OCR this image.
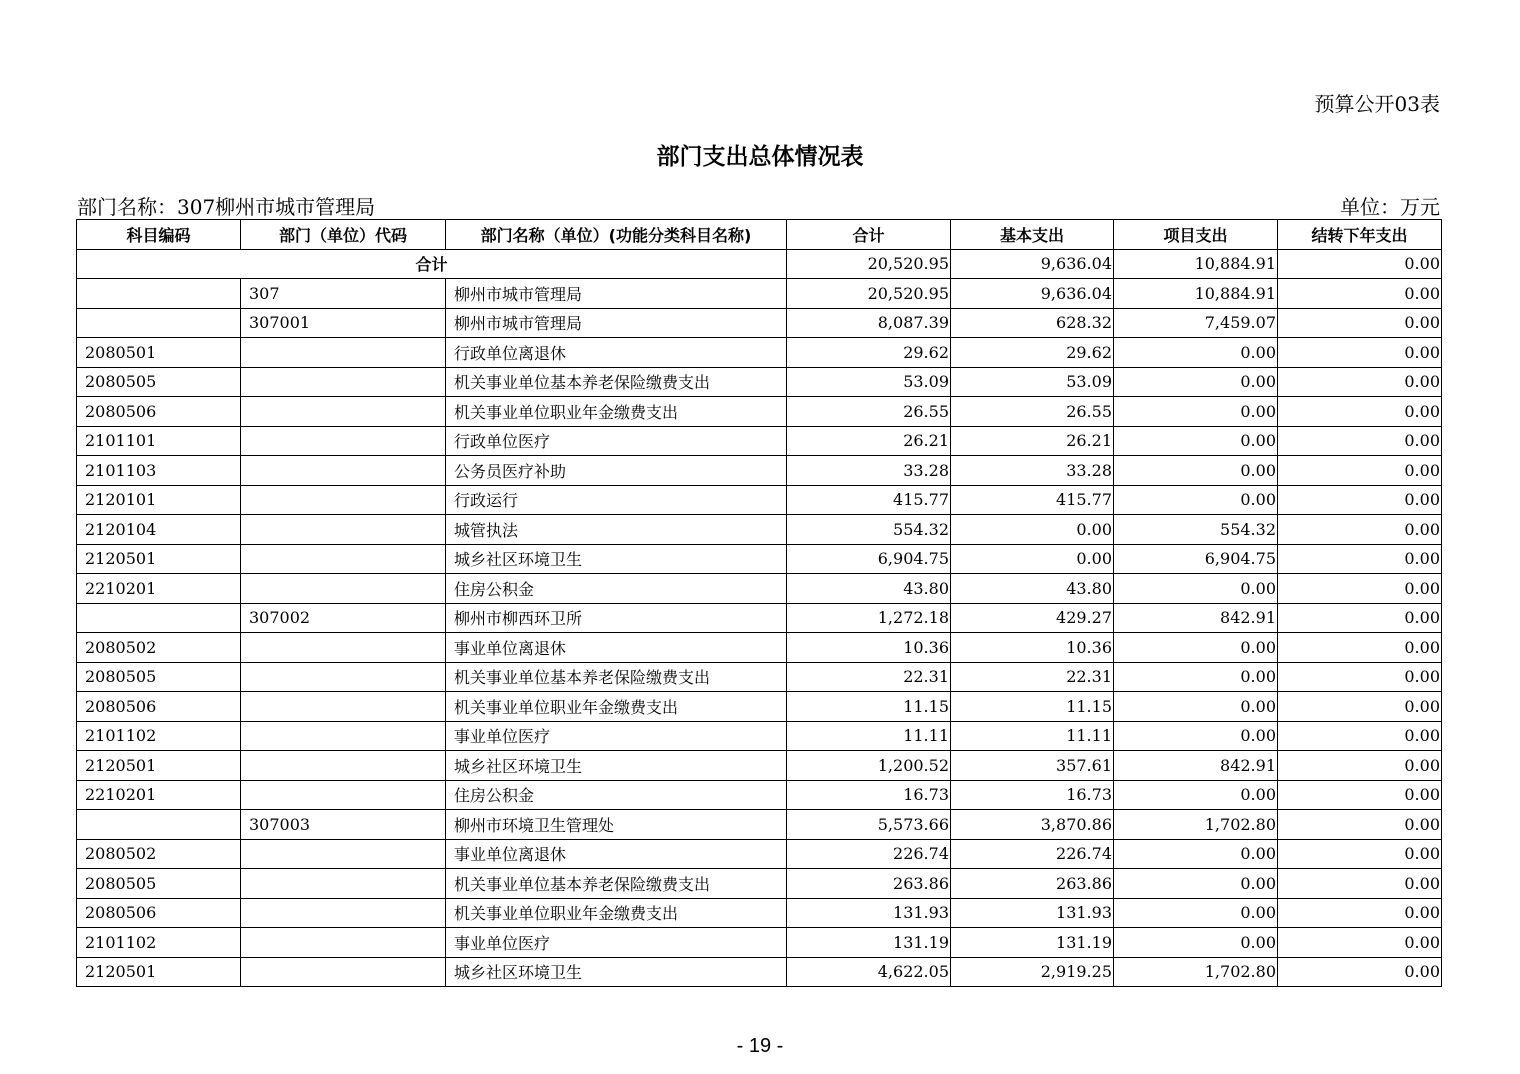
预算公开03表
部门支出总体情况表
部门名称：307柳州市城市管理局	单位：万元
科目编码	部门（单位）代码	部门名称（单位）(功能分类科目名称)	合计	基本支出	项目支出	结转下年支出
合计			20,520.95	9,636.04	10,884.91	0.00
	307	柳州市城市管理局	20,520.95	9,636.04	10,884.91	0.00
	307001	柳州市城市管理局	8,087.39	628.32	7,459.07	0.00
2080501		行政单位离退休	29.62	29.62	0.00	0.00
2080505		机关事业单位基本养老保险缴费支出	53.09	53.09	0.00	0.00
2080506		机关事业单位职业年金缴费支出	26.55	26.55	0.00	0.00
2101101		行政单位医疗	26.21	26.21	0.00	0.00
2101103		公务员医疗补助	33.28	33.28	0.00	0.00
2120101		行政运行	415.77	415.77	0.00	0.00
2120104		城管执法	554.32	0.00	554.32	0.00
2120501		城乡社区环境卫生	6,904.75	0.00	6,904.75	0.00
2210201		住房公积金	43.80	43.80	0.00	0.00
	307002	柳州市柳西环卫所	1,272.18	429.27	842.91	0.00
2080502		事业单位离退休	10.36	10.36	0.00	0.00
2080505		机关事业单位基本养老保险缴费支出	22.31	22.31	0.00	0.00
2080506		机关事业单位职业年金缴费支出	11.15	11.15	0.00	0.00
2101102		事业单位医疗	11.11	11.11	0.00	0.00
2120501		城乡社区环境卫生	1,200.52	357.61	842.91	0.00
2210201		住房公积金	16.73	16.73	0.00	0.00
	307003	柳州市环境卫生管理处	5,573.66	3,870.86	1,702.80	0.00
2080502		事业单位离退休	226.74	226.74	0.00	0.00
2080505		机关事业单位基本养老保险缴费支出	263.86	263.86	0.00	0.00
2080506		机关事业单位职业年金缴费支出	131.93	131.93	0.00	0.00
2101102		事业单位医疗	131.19	131.19	0.00	0.00
2120501		城乡社区环境卫生	4,622.05	2,919.25	1,702.80	0.00
- 19 -
